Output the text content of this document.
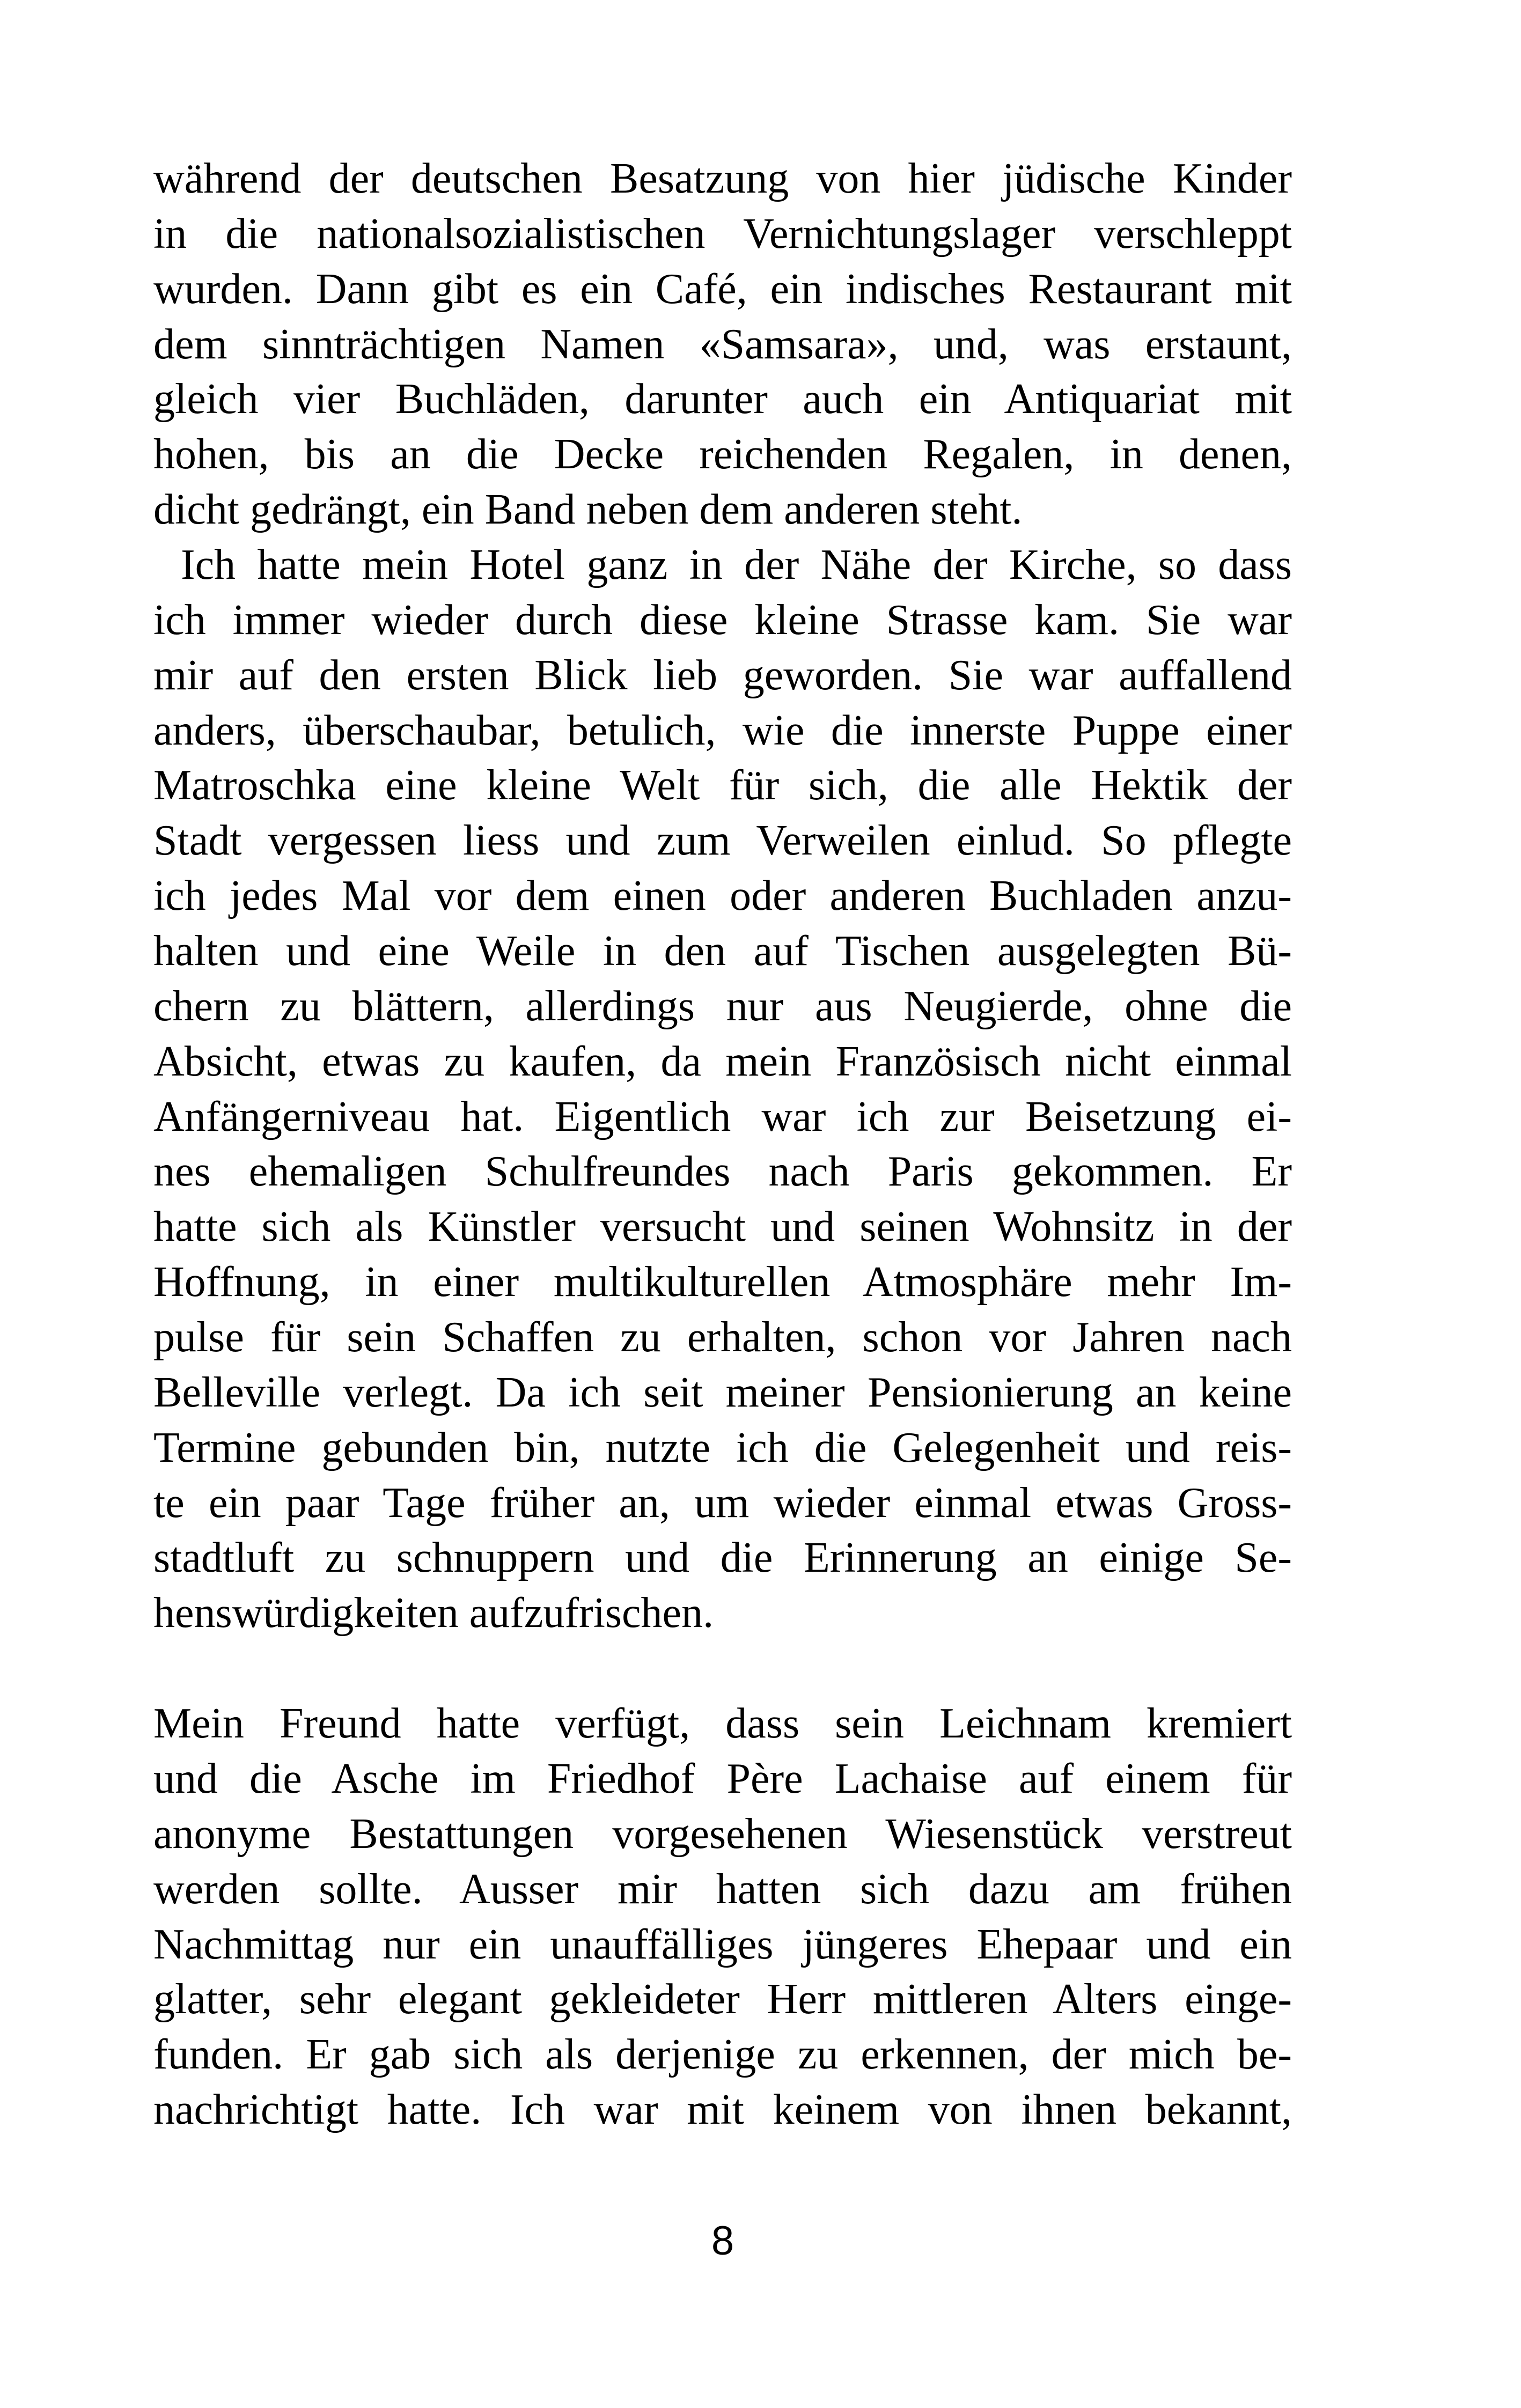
während der deutschen Besatzung von hier jüdische Kinder
in die nationalsozialistischen Vernichtungslager verschleppt
wurden. Dann gibt es ein Café, ein indisches Restaurant mit
dem sinnträchtigen Namen «Samsara», und, was erstaunt,
gleich vier Buchläden, darunter auch ein Antiquariat mit
hohen, bis an die Decke reichenden Regalen, in denen,
dicht gedrängt, ein Band neben dem anderen steht.
Ich hatte mein Hotel ganz in der Nähe der Kirche, so dass
ich immer wieder durch diese kleine Strasse kam. Sie war
mir auf den ersten Blick lieb geworden. Sie war auffallend
anders, überschaubar, betulich, wie die innerste Puppe einer
Matroschka eine kleine Welt für sich, die alle Hektik der
Stadt vergessen liess und zum Verweilen einlud. So pflegte
ich jedes Mal vor dem einen oder anderen Buchladen anzu-
halten und eine Weile in den auf Tischen ausgelegten Bü-
chern zu blättern, allerdings nur aus Neugierde, ohne die
Absicht, etwas zu kaufen, da mein Französisch nicht einmal
Anfängerniveau hat. Eigentlich war ich zur Beisetzung ei-
nes ehemaligen Schulfreundes nach Paris gekommen. Er
hatte sich als Künstler versucht und seinen Wohnsitz in der
Hoffnung, in einer multikulturellen Atmosphäre mehr Im-
pulse für sein Schaffen zu erhalten, schon vor Jahren nach
Belleville verlegt. Da ich seit meiner Pensionierung an keine
Termine gebunden bin, nutzte ich die Gelegenheit und reis-
te ein paar Tage früher an, um wieder einmal etwas Gross-
stadtluft zu schnuppern und die Erinnerung an einige Se-
henswürdigkeiten aufzufrischen.
Mein Freund hatte verfügt, dass sein Leichnam kremiert
und die Asche im Friedhof Père Lachaise auf einem für
anonyme Bestattungen vorgesehenen Wiesenstück verstreut
werden sollte. Ausser mir hatten sich dazu am frühen
Nachmittag nur ein unauffälliges jüngeres Ehepaar und ein
glatter, sehr elegant gekleideter Herr mittleren Alters einge-
funden. Er gab sich als derjenige zu erkennen, der mich be-
nachrichtigt hatte. Ich war mit keinem von ihnen bekannt,
8
